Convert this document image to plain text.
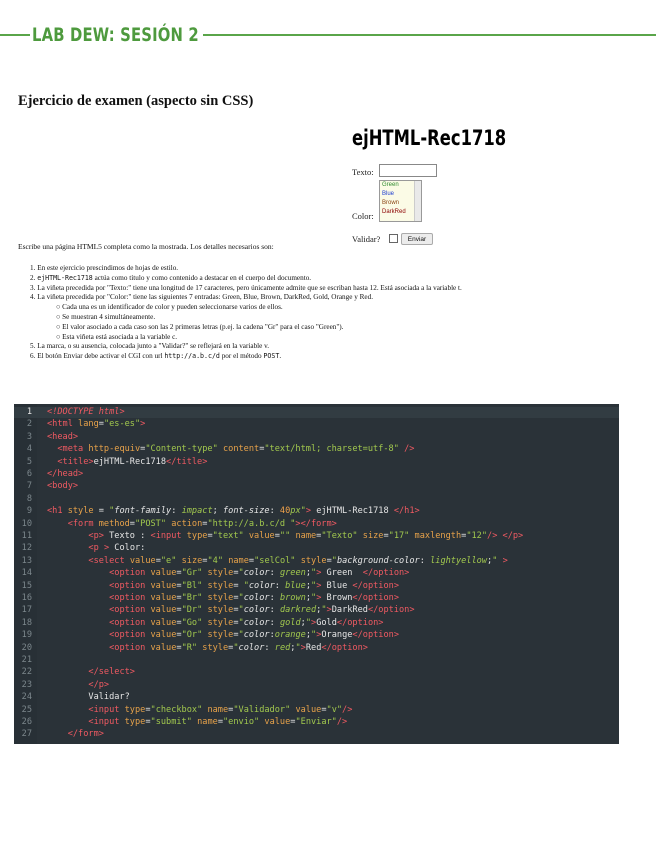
LAB DEW: SESIÓN 2
Ejercicio de examen (aspecto sin CSS)
ejHTML-Rec1718
Texto:
Green
Blue
Brown
DarkRed
Color:
Validar?	Enviar
Escribe una página HTML5 completa como la mostrada. Los detalles necesarios son:
1. En este ejercicio prescindimos de hojas de estilo.
2. ejHTML-Rec1718 actúa como título y como contenido a destacar en el cuerpo del documento.
3. La viñeta precedida por "Texto:" tiene una longitud de 17 caracteres, pero únicamente admite que se escriban hasta 12. Está asociada a la variable t.
4. La viñeta precedida por "Color:" tiene las siguientes 7 entradas: Green, Blue, Brown, DarkRed, Gold, Orange y Red.
○ Cada una es un identificador de color y pueden seleccionarse varios de ellos.
○ Se muestran 4 simultáneamente.
○ El valor asociado a cada caso son las 2 primeras letras (p.ej. la cadena "Gr" para el caso "Green").
○ Esta viñeta está asociada a la variable c.
5. La marca, o su ausencia, colocada junto a "Validar?" se reflejará en la variable v.
6. El botón Enviar debe activar el CGI con url http://a.b.c/d por el método POST.
1 <!DOCTYPE html>
2 <html lang="es-es">
3 <head>
4	<meta http-equiv="Content-type" content="text/html; charset=utf-8" />
5	<title>ejHTML-Rec1718</title>
6 </head>
7 <body>
8
9 <h1 style = "font-family: impact; font-size: 40px"> ejHTML-Rec1718 </h1>
10	<form method="POST" action="http://a.b.c/d "></form>
11	<p> Texto : <input type="text" value="" name="Texto" size="17" maxlength="12"/> </p>
12	<p > Color:
13	<select value="e" size="4" name="selCol" style="background-color: lightyellow;" >
14	<option value="Gr" style="color: green;"> Green  </option>
15	<option value="Bl" style= "color: blue;"> Blue </option>
16	<option value="Br" style="color: brown;"> Brown</option>
17	<option value="Dr" style="color: darkred;">DarkRed</option>
18	<option value="Go" style="color: gold;">Gold</option>
19	<option value="Or" style="color:orange;">Orange</option>
20	<option value="R" style="color: red;">Red</option>
21
22	</select>
23	</p>
24 Validar?
25	<input type="checkbox" name="Validador" value="v"/>
26	<input type="submit" name="envio" value="Enviar"/>
27	</form>
